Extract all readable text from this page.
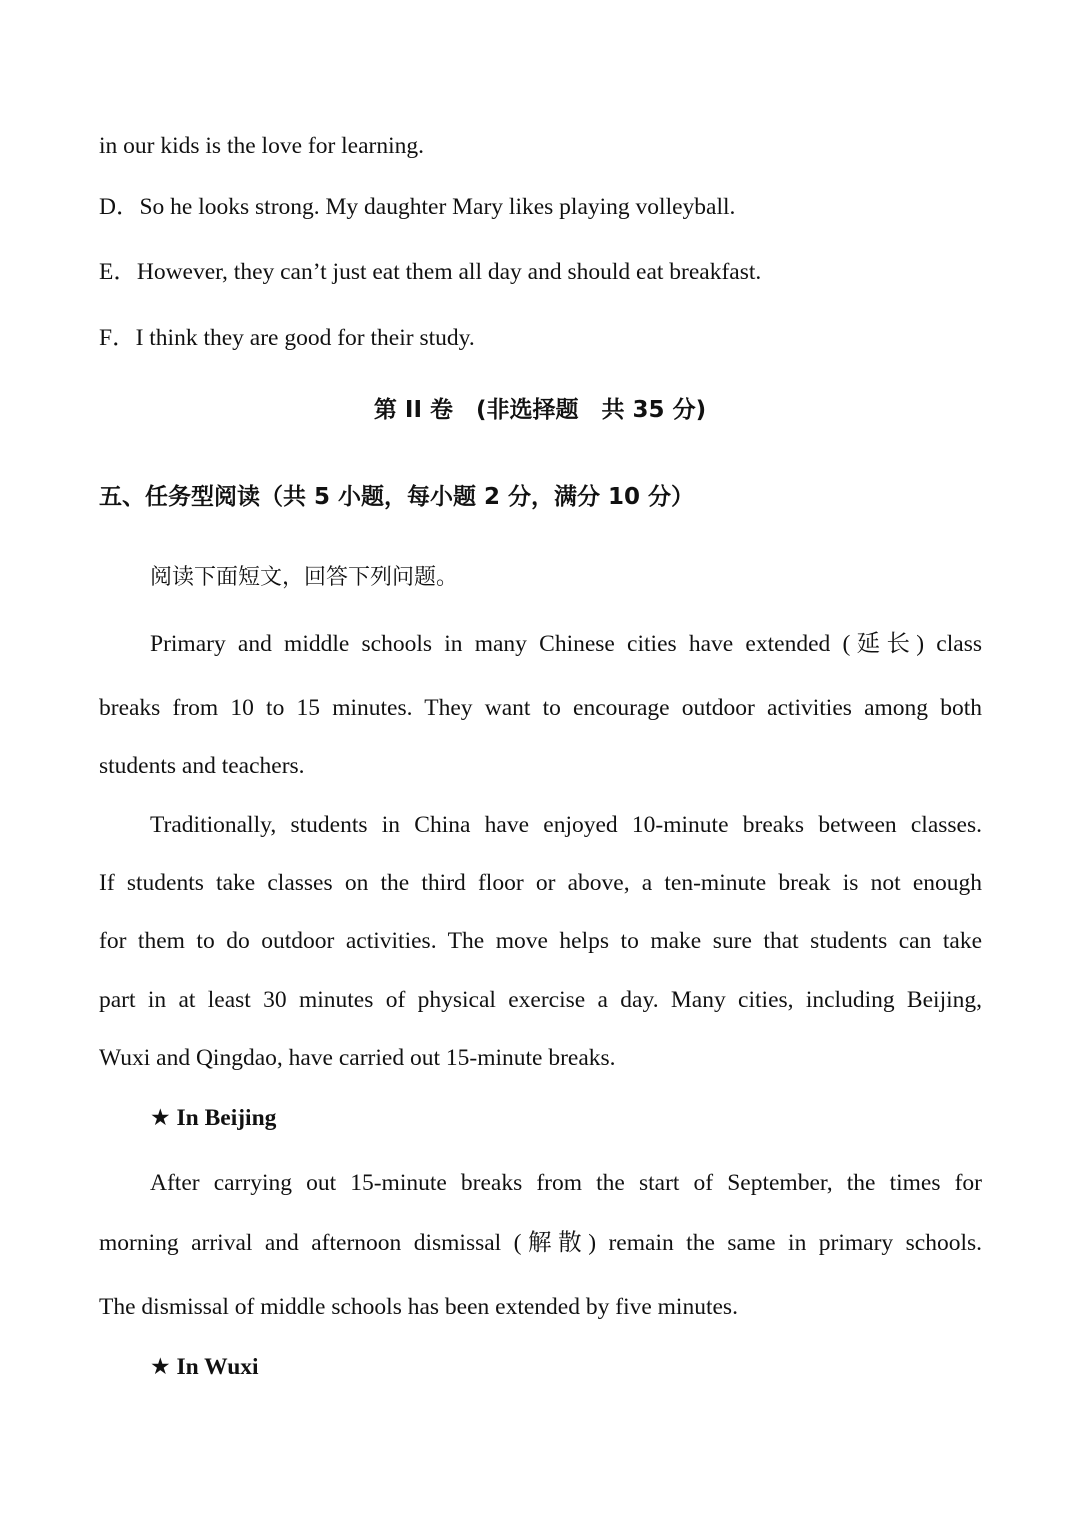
in our kids is the love for learning.
D．So he looks strong. My daughter Mary likes playing volleyball.
E．However, they can’t just eat them all day and should eat breakfast.
F．I think they are good for their study.
第 II 卷　(非选择题　共 35 分)
五、任务型阅读（共 5 小题，每小题 2 分，满分 10 分）
阅读下面短文，回答下列问题。
Primary and middle schools in many Chinese cities have extended (延长) class
breaks from 10 to 15 minutes. They want to encourage outdoor activities among both
students and teachers.
Traditionally, students in China have enjoyed 10-minute breaks between classes.
If students take classes on the third floor or above, a ten-minute break is not enough
for them to do outdoor activities. The move helps to make sure that students can take
part in at least 30 minutes of physical exercise a day. Many cities, including Beijing,
Wuxi and Qingdao, have carried out 15-minute breaks.
★ In Beijing
After carrying out 15-minute breaks from the start of September, the times for
morning arrival and afternoon dismissal (解散) remain the same in primary schools.
The dismissal of middle schools has been extended by five minutes.
★ In Wuxi
